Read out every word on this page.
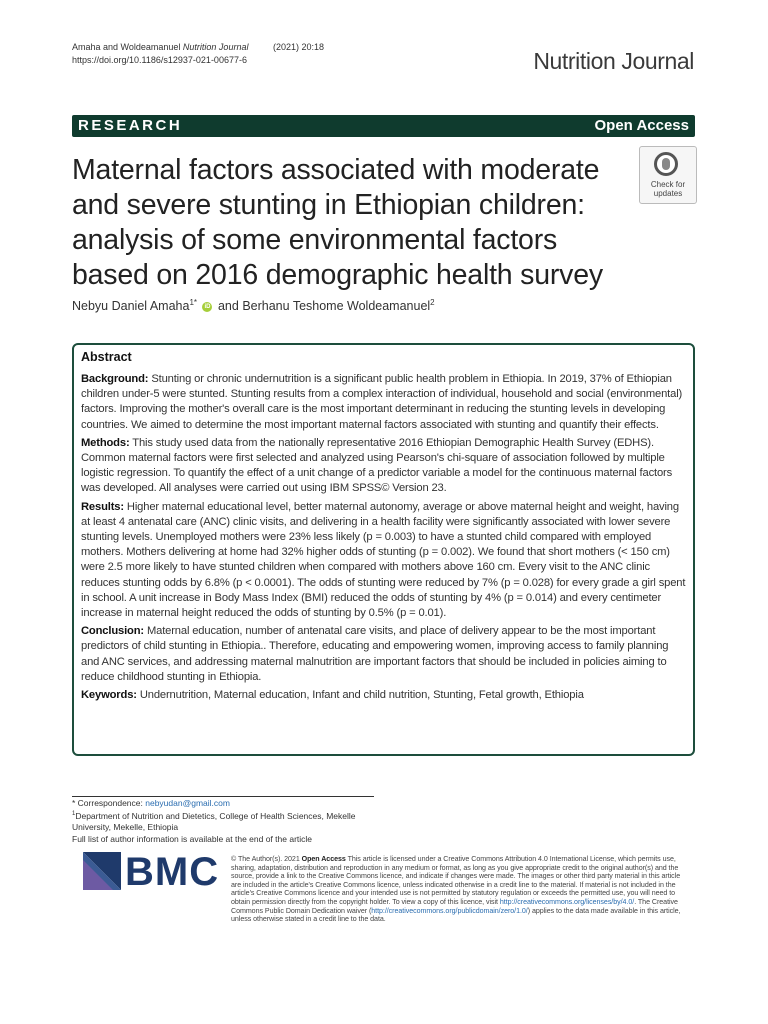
Amaha and Woldeamanuel Nutrition Journal	(2021) 20:18
https://doi.org/10.1186/s12937-021-00677-6	Nutrition Journal
RESEARCH	Open Access
Maternal factors associated with moderate and severe stunting in Ethiopian children: analysis of some environmental factors based on 2016 demographic health survey
Check for
updates
Nebyu Daniel Amaha$^{1*}$ iD and Berhanu Teshome Woldeamanuel$^2$
Abstract

Background: Stunting or chronic undernutrition is a significant public health problem in Ethiopia. In 2019, 37% of Ethiopian children under-5 were stunted. Stunting results from a complex interaction of individual, household and social (environmental) factors. Improving the mother's overall care is the most important determinant in reducing the stunting levels in developing countries. We aimed to determine the most important maternal factors associated with stunting and quantify their effects.

Methods: This study used data from the nationally representative 2016 Ethiopian Demographic Health Survey (EDHS). Common maternal factors were first selected and analyzed using Pearson's chi-square of association followed by multiple logistic regression. To quantify the effect of a unit change of a predictor variable a model for the continuous maternal factors was developed. All analyses were carried out using IBM SPSS© Version 23.

Results: Higher maternal educational level, better maternal autonomy, average or above maternal height and weight, having at least 4 antenatal care (ANC) clinic visits, and delivering in a health facility were significantly associated with lower severe stunting levels. Unemployed mothers were 23% less likely (p = 0.003) to have a stunted child compared with employed mothers. Mothers delivering at home had 32% higher odds of stunting (p = 0.002). We found that short mothers (< 150 cm) were 2.5 more likely to have stunted children when compared with mothers above 160 cm. Every visit to the ANC clinic reduces stunting odds by 6.8% (p < 0.0001). The odds of stunting were reduced by 7% (p = 0.028) for every grade a girl spent in school. A unit increase in Body Mass Index (BMI) reduced the odds of stunting by 4% (p = 0.014) and every centimeter increase in maternal height reduced the odds of stunting by 0.5% (p = 0.01).

Conclusion: Maternal education, number of antenatal care visits, and place of delivery appear to be the most important predictors of child stunting in Ethiopia.. Therefore, educating and empowering women, improving access to family planning and ANC services, and addressing maternal malnutrition are important factors that should be included in policies aiming to reduce childhood stunting in Ethiopia.

Keywords: Undernutrition, Maternal education, Infant and child nutrition, Stunting, Fetal growth, Ethiopia

* Correspondence: nebyudan@gmail.com
$^1$Department of Nutrition and Dietetics, College of Health Sciences, Mekelle University, Mekelle, Ethiopia
Full list of author information is available at the end of the article
BMC © The Author(s). 2021 Open Access This article is licensed under a Creative Commons Attribution 4.0 International License, which permits use, sharing, adaptation, distribution and reproduction in any medium or format, as long as you give appropriate credit to the original author(s) and the source, provide a link to the Creative Commons licence, and indicate if changes were made. The images or other third party material in this article are included in the article's Creative Commons licence, unless indicated otherwise in a credit line to the material. If material is not included in the article's Creative Commons licence and your intended use is not permitted by statutory regulation or exceeds the permitted use, you will need to obtain permission directly from the copyright holder. To view a copy of this licence, visit http://creativecommons.org/licenses/by/4.0/. The Creative Commons Public Domain Dedication waiver (http://creativecommons.org/publicdomain/zero/1.0/) applies to the data made available in this article, unless otherwise stated in a credit line to the data.
